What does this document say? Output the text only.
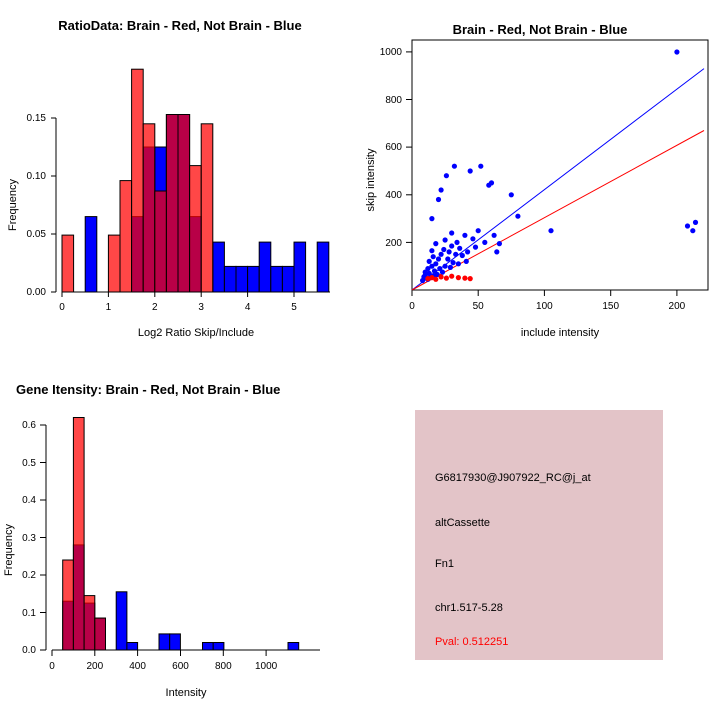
RatioData: Brain - Red, Not Brain - Blue
0	1	2	3	4	5
0.00
0.05
0.10
0.15
Log2 Ratio Skip/Include
Frequency
Brain - Red, Not Brain - Blue
0	50	100	150	200
200
400
600
800
1000
include intensity
skip intensity
Gene Itensity: Brain - Red, Not Brain - Blue
0	200	400	600	800 1000
0.0
0.1
0.2
0.3
0.4
0.5
0.6
Intensity
Frequency
G6817930@J907922_RC@j_at
altCassette
Fn1
chr1.517-5.28
Pval: 0.512251
